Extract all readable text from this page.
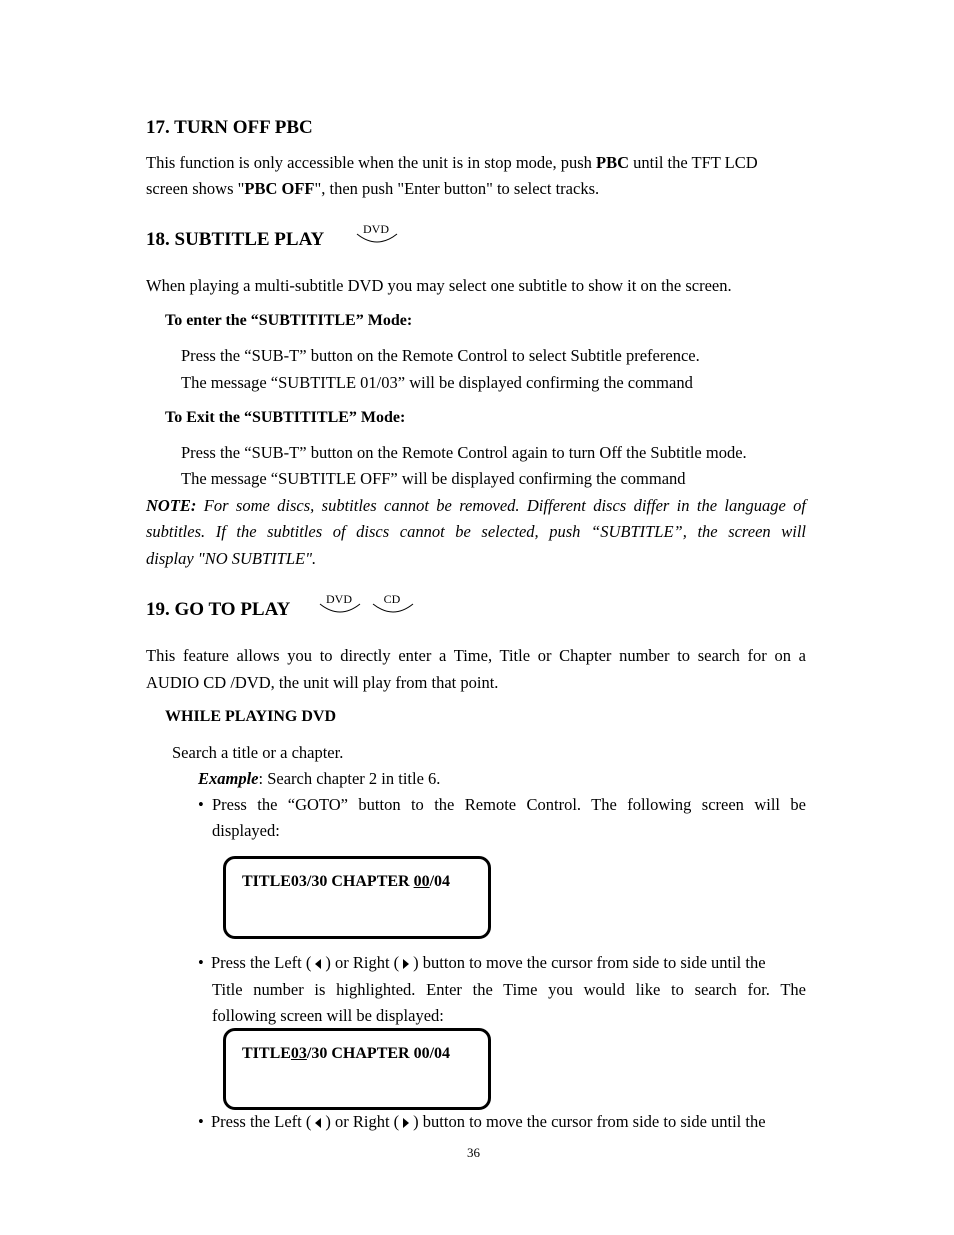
17. TURN OFF PBC
This function is only accessible when the unit is in stop mode, push PBC until the TFT LCD
screen shows "PBC OFF", then push "Enter button" to select tracks.
18. SUBTITLE PLAY	DVD
When playing a multi-subtitle DVD you may select one subtitle to show it on the screen.
To enter the “SUBTITITLE” Mode:
Press the “SUB-T” button on the Remote Control to select Subtitle preference.
The message “SUBTITLE 01/03” will be displayed confirming the command
To Exit the “SUBTITITLE” Mode:
Press the “SUB-T” button on the Remote Control again to turn Off the Subtitle mode.
The message “SUBTITLE OFF” will be displayed confirming the command
NOTE: For some discs, subtitles cannot be removed. Different discs differ in the language of
subtitles. If the subtitles of discs cannot be selected, push “SUBTITLE”, the screen will
display "NO SUBTITLE".
19. GO TO PLAY	DVD	CD
This feature allows you to directly enter a Time, Title or Chapter number to search for on a
AUDIO CD /DVD, the unit will play from that point.
WHILE PLAYING DVD
Search a title or a chapter.
Example: Search chapter 2 in title 6.
• Press the “GOTO” button to the Remote Control. The following screen will be
displayed:
TITLE03/30 CHAPTER 00/04
• Press the Left ( ) or Right ( ) button to move the cursor from side to side until the
Title number is highlighted. Enter the Time you would like to search for. The
following screen will be displayed:
TITLE03/30 CHAPTER 00/04
• Press the Left ( ) or Right ( ) button to move the cursor from side to side until the
36
